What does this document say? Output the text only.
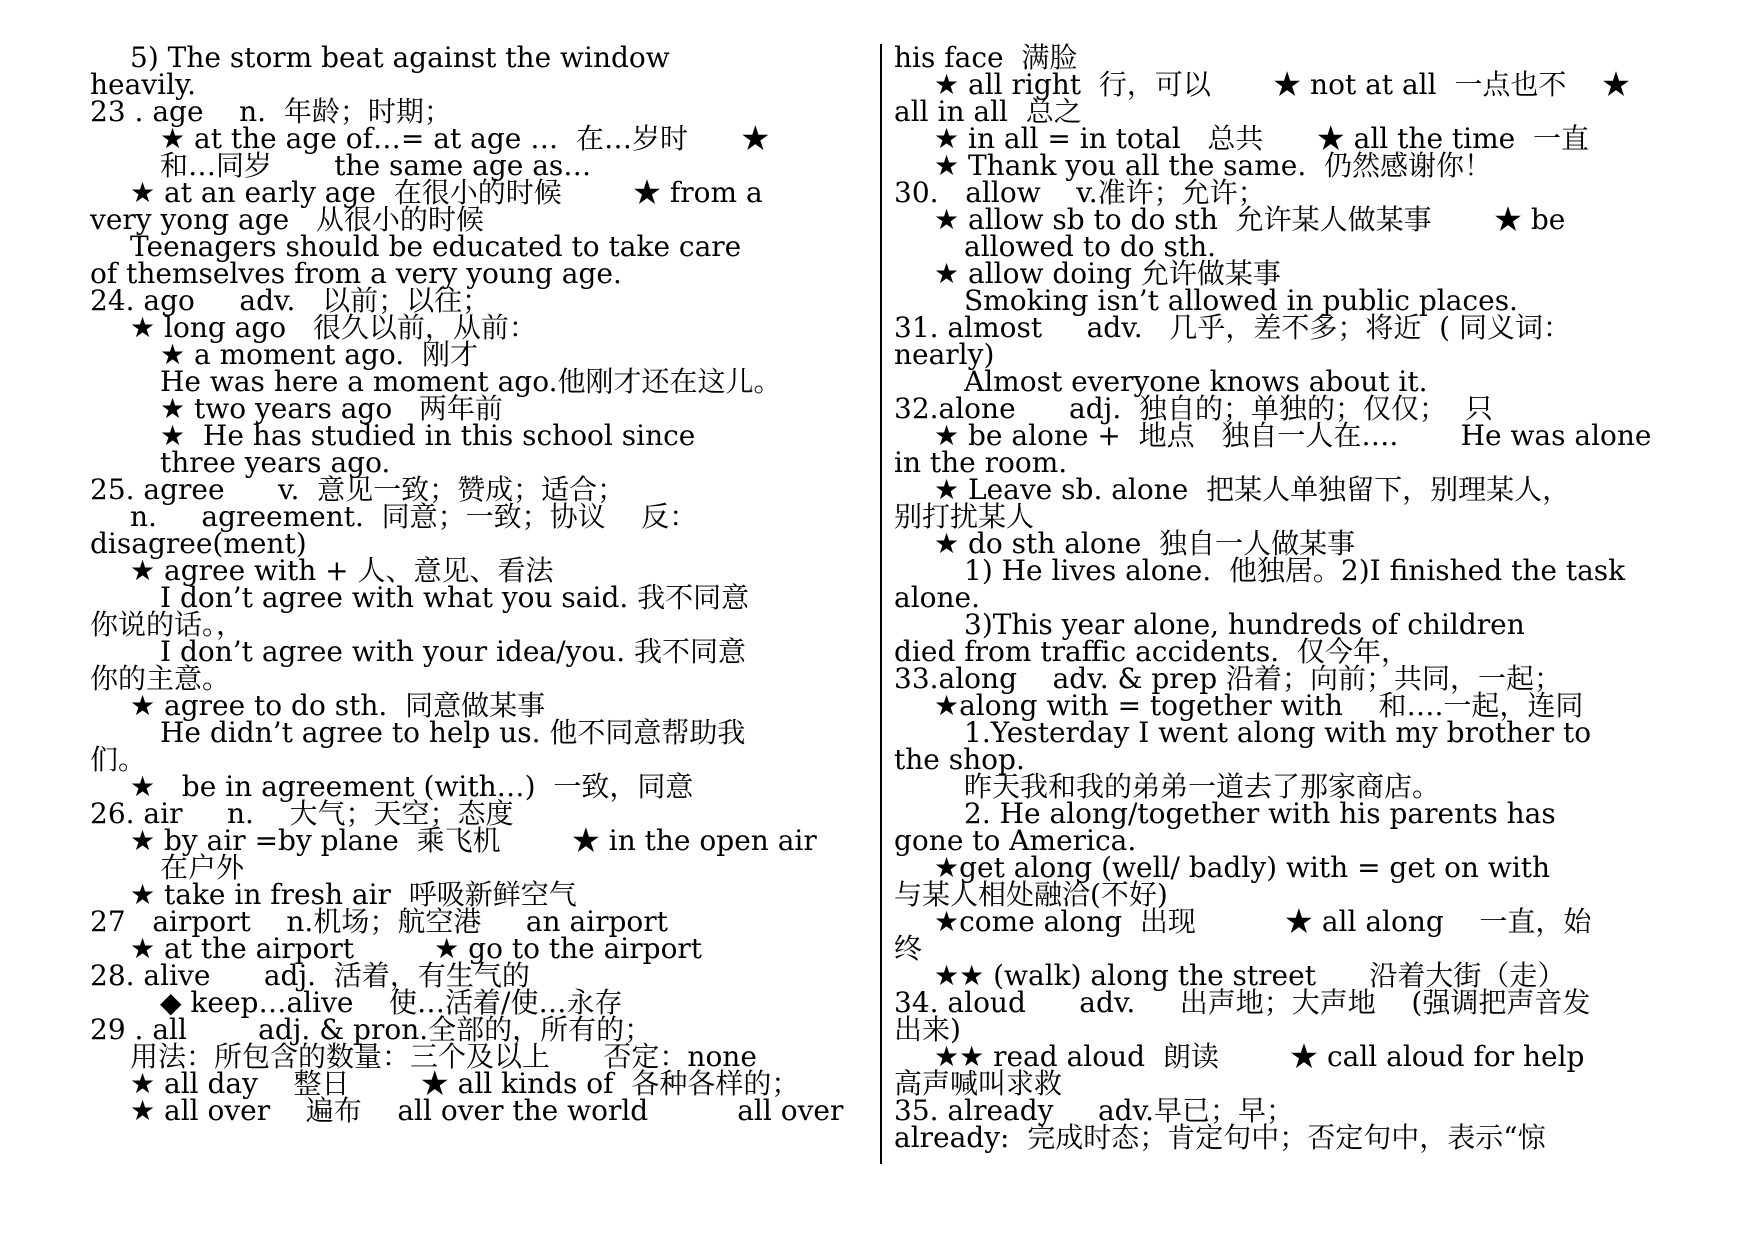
5) The storm beat against the window
heavily.
23 . age    n.  年龄；时期；
★ at the age of…= at age …  在…岁时      ★
和…同岁       the same age as…
★ at an early age  在很小的时候        ★ from a
very yong age   从很小的时候
Teenagers should be educated to take care
of themselves from a very young age.
24. ago     adv.   以前；以往；
★ long ago   很久以前，从前：
★ a moment ago.  刚才
He was here a moment ago.他刚才还在这儿。
★ two years ago   两年前
★  He has studied in this school since
three years ago.
25. agree      v.  意见一致；赞成；适合；
n.     agreement.  同意；一致；协议    反：
disagree(ment)
★ agree with + 人、意见、看法
I don’t agree with what you said. 我不同意
你说的话。，
I don’t agree with your idea/you. 我不同意
你的主意。
★ agree to do sth.  同意做某事
He didn’t agree to help us. 他不同意帮助我
们。
★   be in agreement (with…)  一致，同意
26. air     n.    大气；天空；态度
★ by air =by plane  乘飞机        ★ in the open air
在户外
★ take in fresh air  呼吸新鲜空气
27   airport    n.机场；航空港     an airport
★ at the airport         ★ go to the airport
28. alive      adj.  活着，有生气的
◆ keep…alive    使…活着/使…永存
29 . all        adj. & pron.全部的，所有的；
用法：所包含的数量：三个及以上      否定：none
★ all day    整日        ★ all kinds of  各种各样的；
★ all over    遍布    all over the world          all over
his face  满脸
★ all right  行，可以       ★ not at all  一点也不    ★
all in all  总之
★ in all = in total   总共      ★ all the time  一直
★ Thank you all the same.  仍然感谢你！
30.   allow    v.准许；允许；
★ allow sb to do sth  允许某人做某事       ★ be
allowed to do sth.
★ allow doing 允许做某事
Smoking isn’t allowed in public places.
31. almost     adv.   几乎，差不多；将近  ( 同义词：
nearly)
Almost everyone knows about it.
32.alone      adj.  独自的；单独的；仅仅；  只
★ be alone +  地点   独自一人在….       He was alone
in the room.
★ Leave sb. alone  把某人单独留下，别理某人，
别打扰某人
★ do sth alone  独自一人做某事
1) He lives alone.  他独居。2)I finished the task
alone.
3)This year alone, hundreds of children
died from traffic accidents.  仅今年，
33.along    adv. & prep 沿着；向前；共同，一起；
★along with = together with    和….一起，连同
1.Yesterday I went along with my brother to
the shop.
昨天我和我的弟弟一道去了那家商店。
2. He along/together with his parents has
gone to America.
★get along (well/ badly) with = get on with
与某人相处融洽(不好)
★come along  出现          ★ all along    一直，始
终
★★ (walk) along the street      沿着大街（走）
34. aloud      adv.     出声地；大声地    (强调把声音发
出来)
★★ read aloud  朗读        ★ call aloud for help
高声喊叫求救
35. already     adv.早已；早；
already:  完成时态；肯定句中；否定句中，表示“惊
